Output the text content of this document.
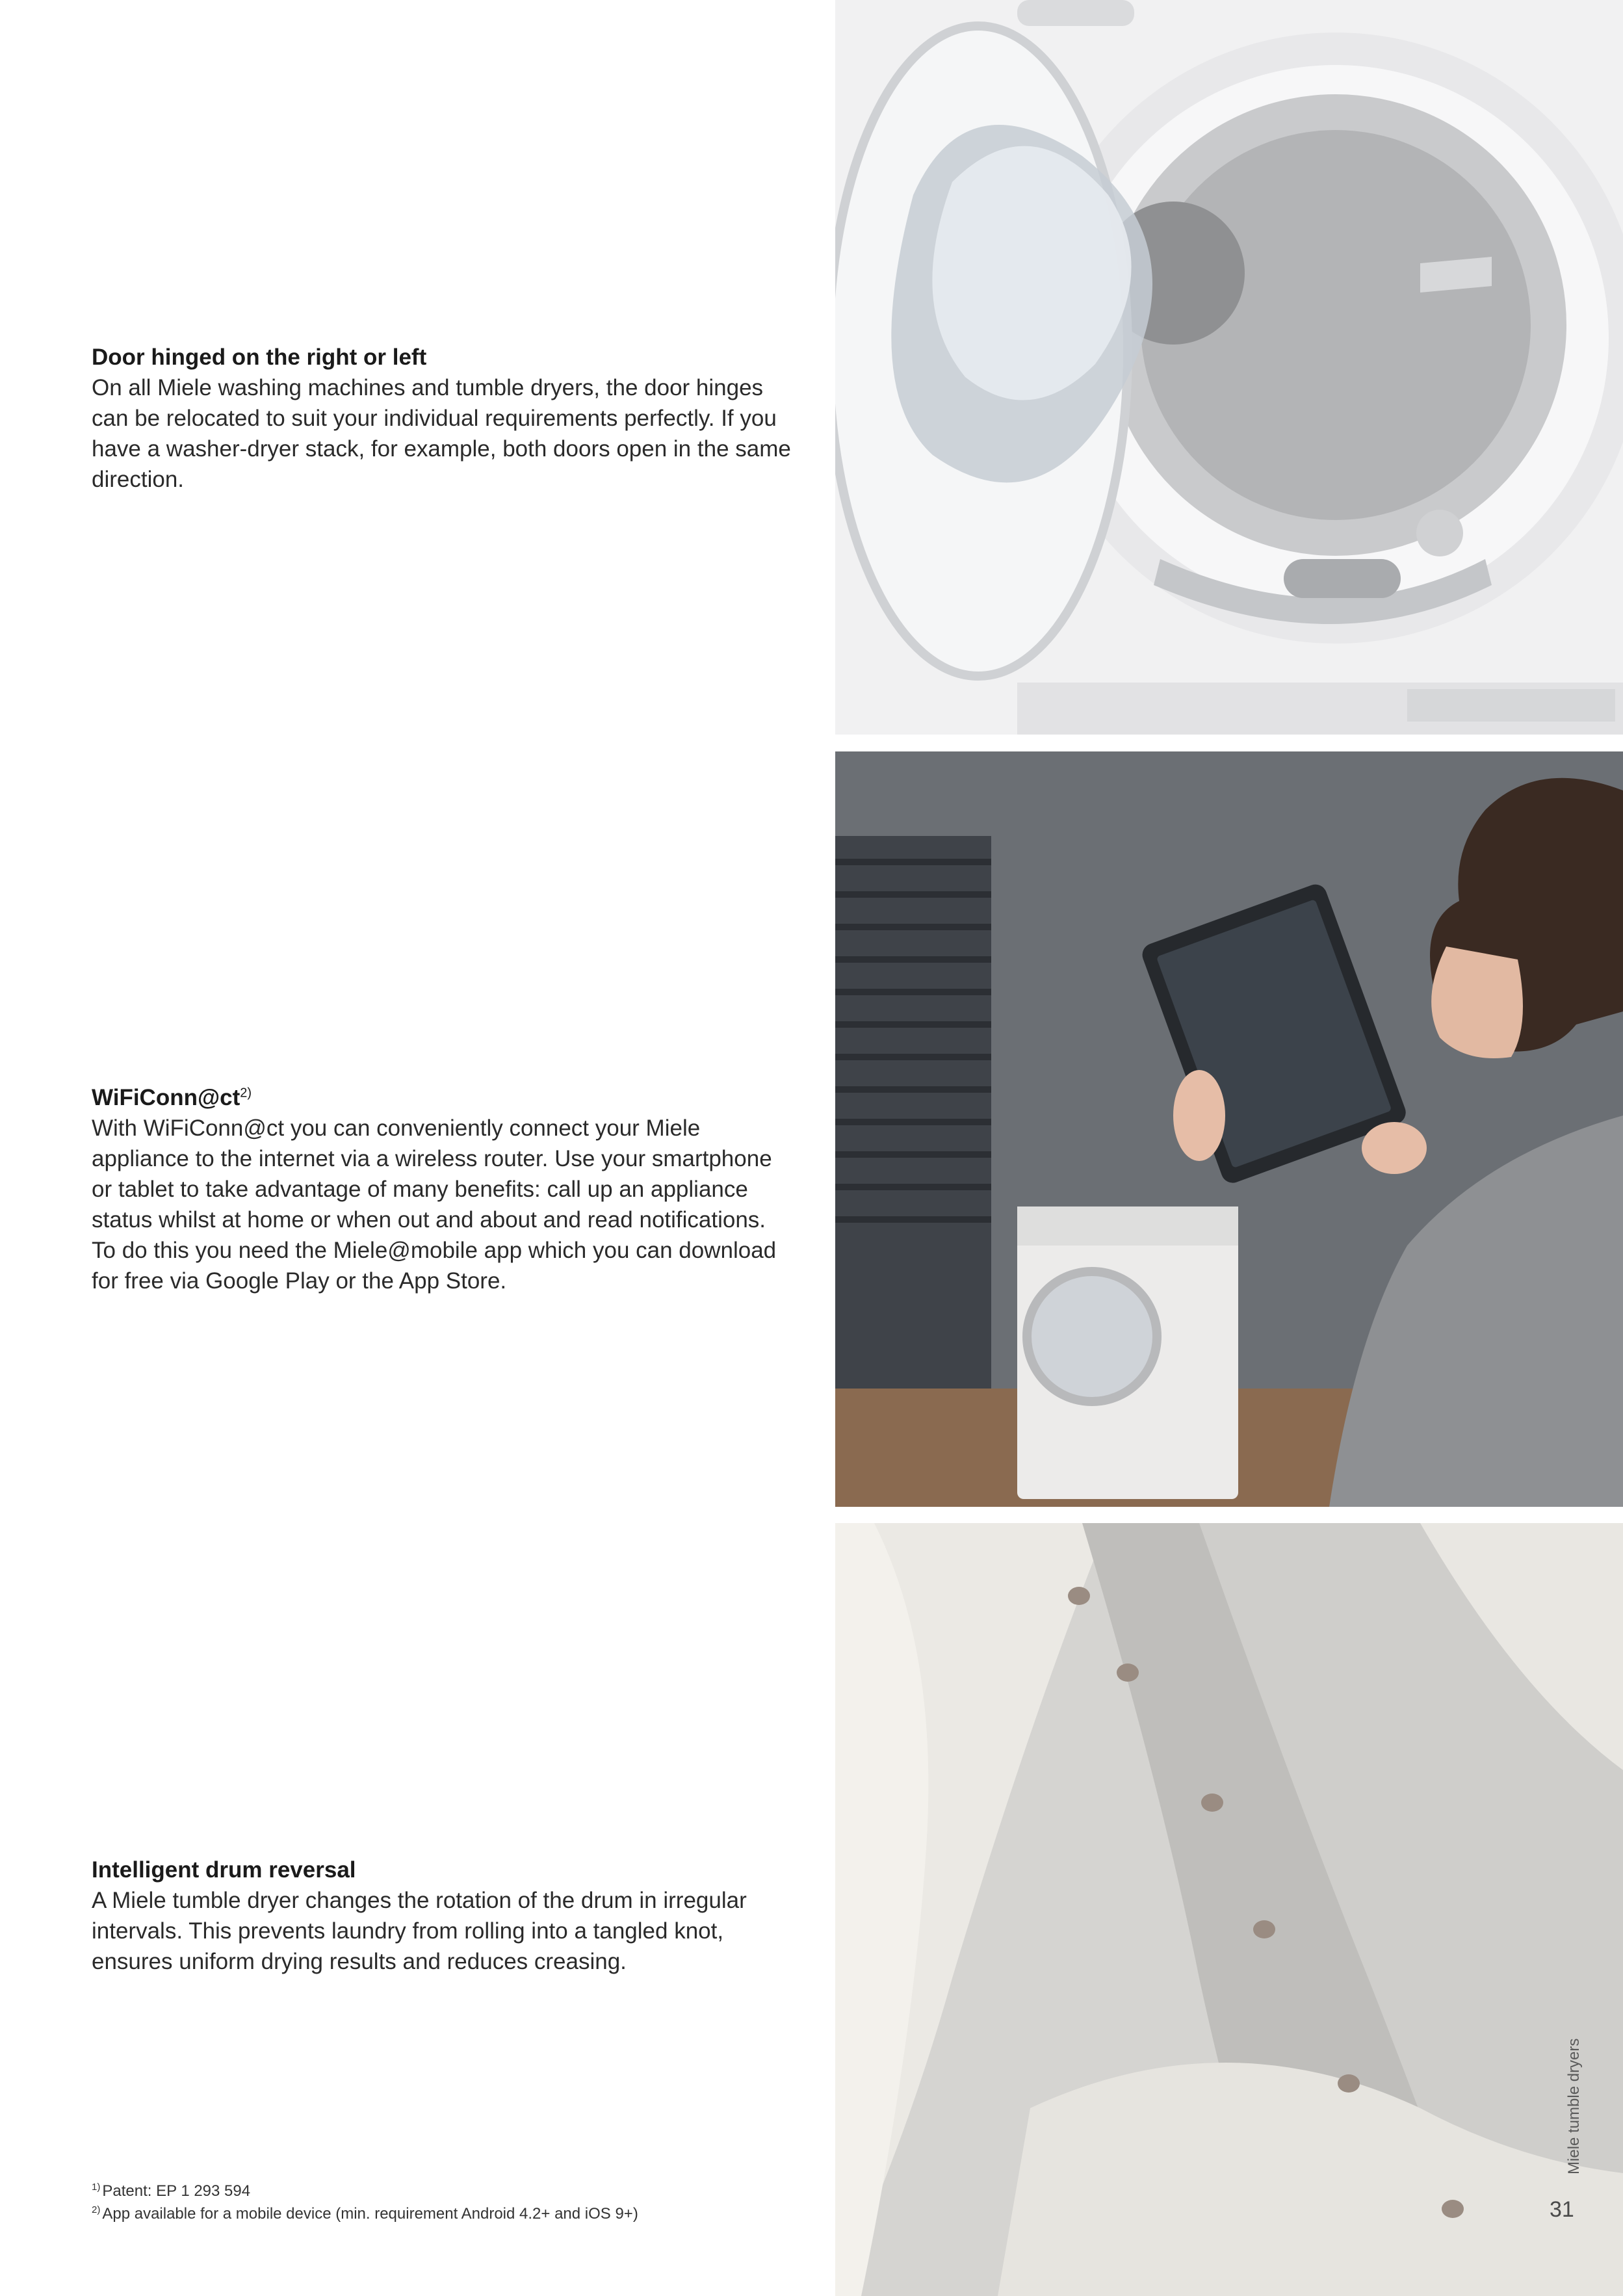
Door hinged on the right or left

On all Miele washing machines and tumble dryers, the door hinges can be relocated to suit your individual requirements perfectly. If you have a washer-dryer stack, for example, both doors open in the same direction.

$WiFiConn@ct^{2)}$

With WiFiConn@ct you can conveniently connect your Miele appliance to the internet via a wireless router. Use your smartphone or tablet to take advantage of many benefits: call up an appliance status whilst at home or when out and about and read notifications. To do this you need the Miele@mobile app which you can download for free via Google Play or the App Store.

Intelligent drum reversal

A Miele tumble dryer changes the rotation of the drum in irregular intervals. This prevents laundry from rolling into a tangled knot, ensures uniform drying results and reduces creasing.

$^{1)}$ Patent: EP 1 293 594
$^{2)}$ App available for a mobile device (min. requirement Android 4.2+ and iOS 9+)
Miele tumble dryers
31
